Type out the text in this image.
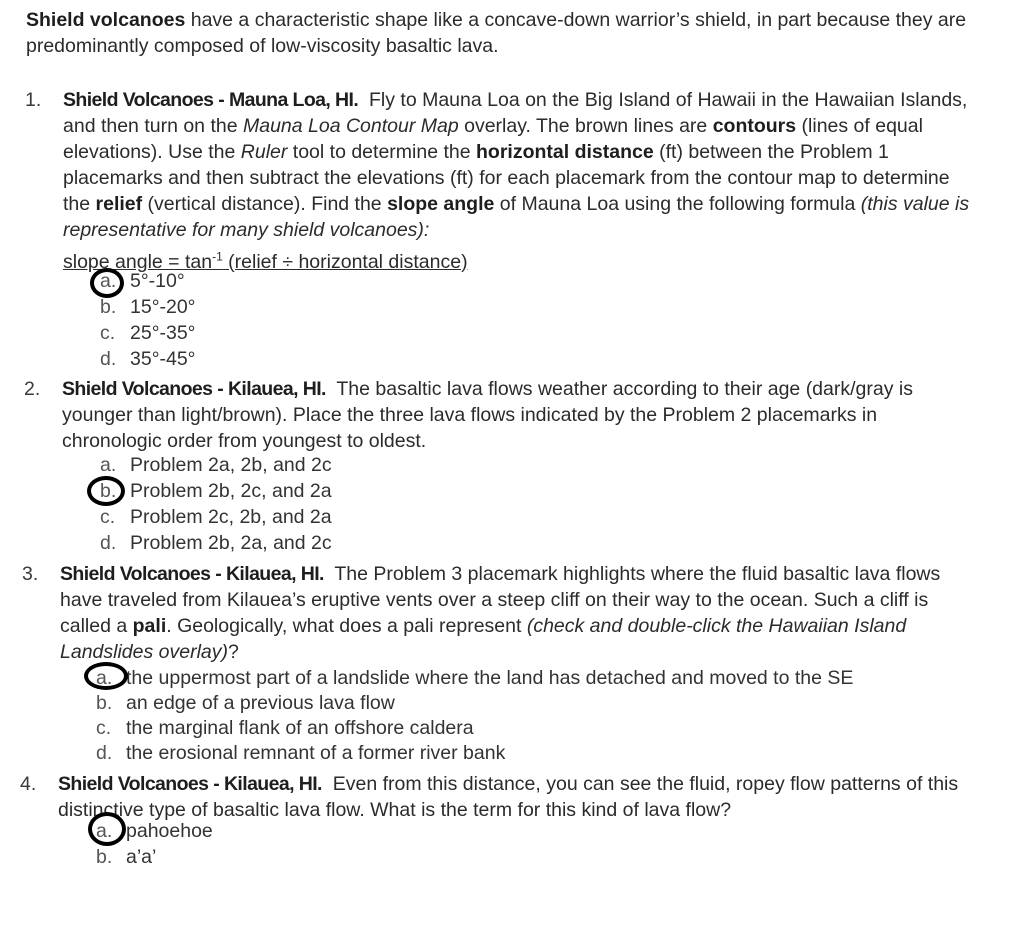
Shield volcanoes have a characteristic shape like a concave-down warrior’s shield, in part because they are predominantly composed of low-viscosity basaltic lava.
1. Shield Volcanoes - Mauna Loa, HI. Fly to Mauna Loa on the Big Island of Hawaii in the Hawaiian Islands, and then turn on the Mauna Loa Contour Map overlay. The brown lines are contours (lines of equal elevations). Use the Ruler tool to determine the horizontal distance (ft) between the Problem 1 placemarks and then subtract the elevations (ft) for each placemark from the contour map to determine the relief (vertical distance). Find the slope angle of Mauna Loa using the following formula (this value is representative for many shield volcanoes):
slope angle = $\tan^{-1}$ (relief ÷ horizontal distance)
a. 5°-10°
b. 15°-20°
c. 25°-35°
d. 35°-45°
2. Shield Volcanoes - Kilauea, HI. The basaltic lava flows weather according to their age (dark/gray is younger than light/brown). Place the three lava flows indicated by the Problem 2 placemarks in chronologic order from youngest to oldest.
a. Problem 2a, 2b, and 2c
b. Problem 2b, 2c, and 2a
c. Problem 2c, 2b, and 2a
d. Problem 2b, 2a, and 2c
3. Shield Volcanoes - Kilauea, HI. The Problem 3 placemark highlights where the fluid basaltic lava flows have traveled from Kilauea’s eruptive vents over a steep cliff on their way to the ocean. Such a cliff is called a pali. Geologically, what does a pali represent (check and double-click the Hawaiian Island Landslides overlay)?
a. the uppermost part of a landslide where the land has detached and moved to the SE
b. an edge of a previous lava flow
c. the marginal flank of an offshore caldera
d. the erosional remnant of a former river bank
4. Shield Volcanoes - Kilauea, HI. Even from this distance, you can see the fluid, ropey flow patterns of this distinctive type of basaltic lava flow. What is the term for this kind of lava flow?
a. pahoehoe
b. a’a’
